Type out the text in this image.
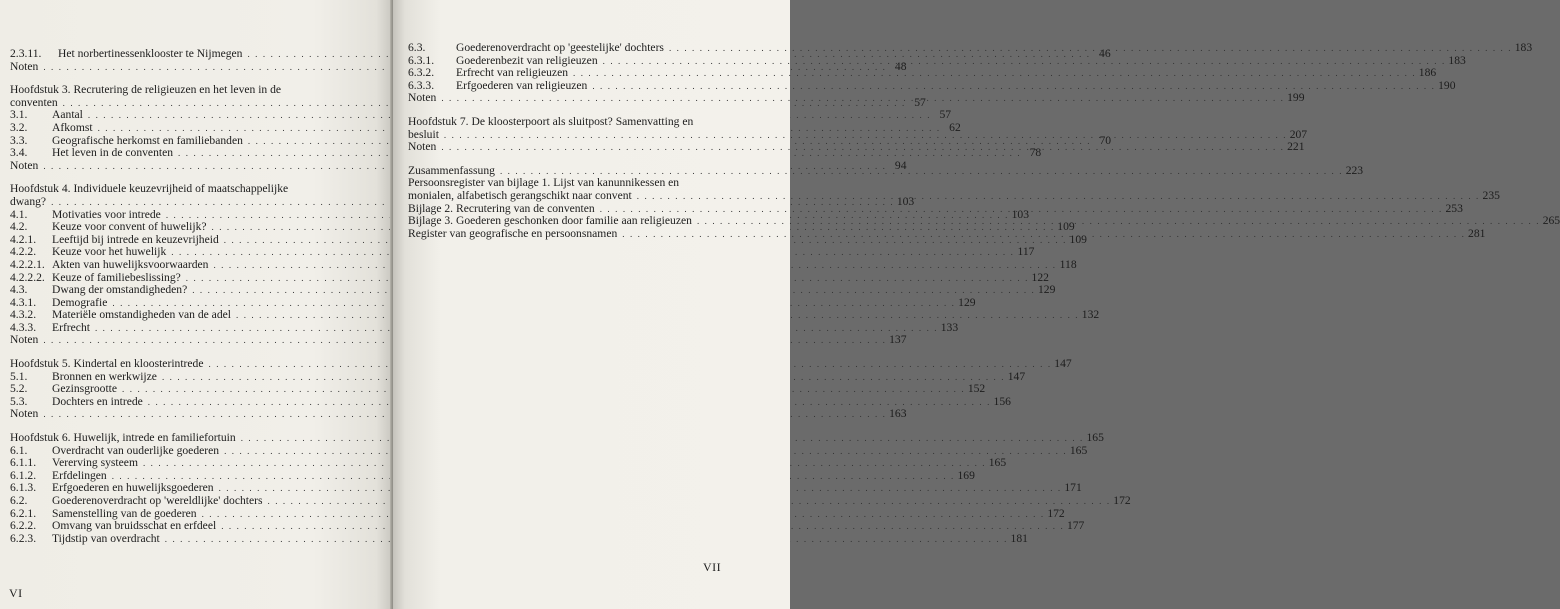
2.3.11.	Het norbertinessenklooster te Nijmegen . . .	46
Noten . . .	48
Hoofdstuk 3. Recrutering de religieuzen en het leven in de
conventen . . .	57
3.1.	Aantal . . .	57
3.2.	Afkomst . . .	62
3.3.	Geografische herkomst en familiebanden . . .	70
3.4.	Het leven in de conventen . . .	78
Noten . . .	94
Hoofdstuk 4. Individuele keuzevrijheid of maatschappelijke
dwang? . . .	103
4.1.	Motivaties voor intrede . . .	103
4.2.	Keuze voor convent of huwelijk? . . .	109
4.2.1.	Leeftijd bij intrede en keuzevrijheid . . .	109
4.2.2.	Keuze voor het huwelijk . . .	117
4.2.2.1. Akten van huwelijksvoorwaarden . . .	118
4.2.2.2. Keuze of familiebeslissing? . . .	122
4.3.	Dwang der omstandigheden? . . .	129
4.3.1.	Demografie . . .	129
4.3.2.	Materiële omstandigheden van de adel . . .	132
4.3.3.	Erfrecht . . .	133
Noten . . .	137
Hoofdstuk 5. Kindertal en kloosterintrede . . .	147
5.1.	Bronnen en werkwijze . . .	147
5.2.	Gezinsgrootte . . .	152
5.3.	Dochters en intrede . . .	156
Noten . . .	163
Hoofdstuk 6. Huwelijk, intrede en familiefortuin . . .	165
6.1.	Overdracht van ouderlijke goederen . . .	165
6.1.1.	Vererving systeem . . .	165
6.1.2.	Erfdelingen . . .	169
6.1.3.	Erfgoederen en huwelijksgoederen . . .	171
6.2.	Goederenoverdracht op 'wereldlijke' dochters . . .	172
6.2.1.	Samenstelling van de goederen . . .	172
6.2.2.	Omvang van bruidsschat en erfdeel . . .	177
6.2.3.	Tijdstip van overdracht . . .	181
VI
6.3.	Goederenoverdracht op 'geestelijke' dochters . . .	183
6.3.1.	Goederenbezit van religieuzen . . .	183
6.3.2.	Erfrecht van religieuzen . . .	186
6.3.3.	Erfgoederen van religieuzen . . .	190
Noten . . .	199
Hoofdstuk 7. De kloosterpoort als sluitpost? Samenvatting en
besluit . . .	207
Noten . . .	221
Zusammenfassung . . .	223
Persoonsregister van bijlage 1. Lijst van kanunnikessen en
monialen, alfabetisch gerangschikt naar convent . . .	235
Bijlage 2. Recrutering van de conventen . . .	253
Bijlage 3. Goederen geschonken door familie aan religieuzen . . .	265
Register van geografische en persoonsnamen . . .	281
VII
